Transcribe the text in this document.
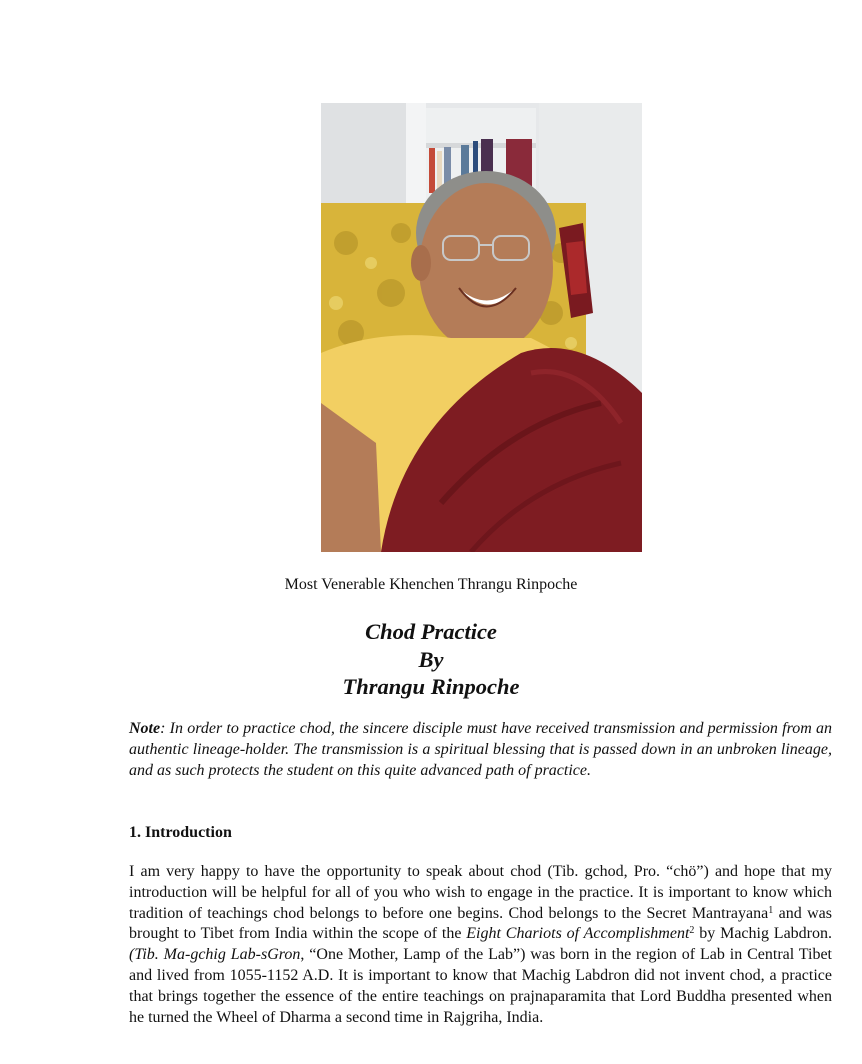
Most Venerable Khenchen Thrangu Rinpoche
Chod Practice
By
Thrangu Rinpoche
Note: In order to practice chod, the sincere disciple must have received transmission and permission from an authentic lineage-holder. The transmission is a spiritual blessing that is passed down in an unbroken lineage, and as such protects the student on this quite advanced path of practice.
1. Introduction
I am very happy to have the opportunity to speak about chod (Tib. gchod, Pro. “chö”) and hope that my introduction will be helpful for all of you who wish to engage in the practice. It is important to know which tradition of teachings chod belongs to before one begins. Chod belongs to the Secret Mantrayana$^1$ and was brought to Tibet from India within the scope of the Eight Chariots of Accomplishment$^2$ by Machig Labdron. (Tib. Ma-gchig Lab-sGron, “One Mother, Lamp of the Lab”) was born in the region of Lab in Central Tibet and lived from 1055-1152 A.D. It is important to know that Machig Labdron did not invent chod, a practice that brings together the essence of the entire teachings on prajnaparamita that Lord Buddha presented when he turned the Wheel of Dharma a second time in Rajgriha, India.
